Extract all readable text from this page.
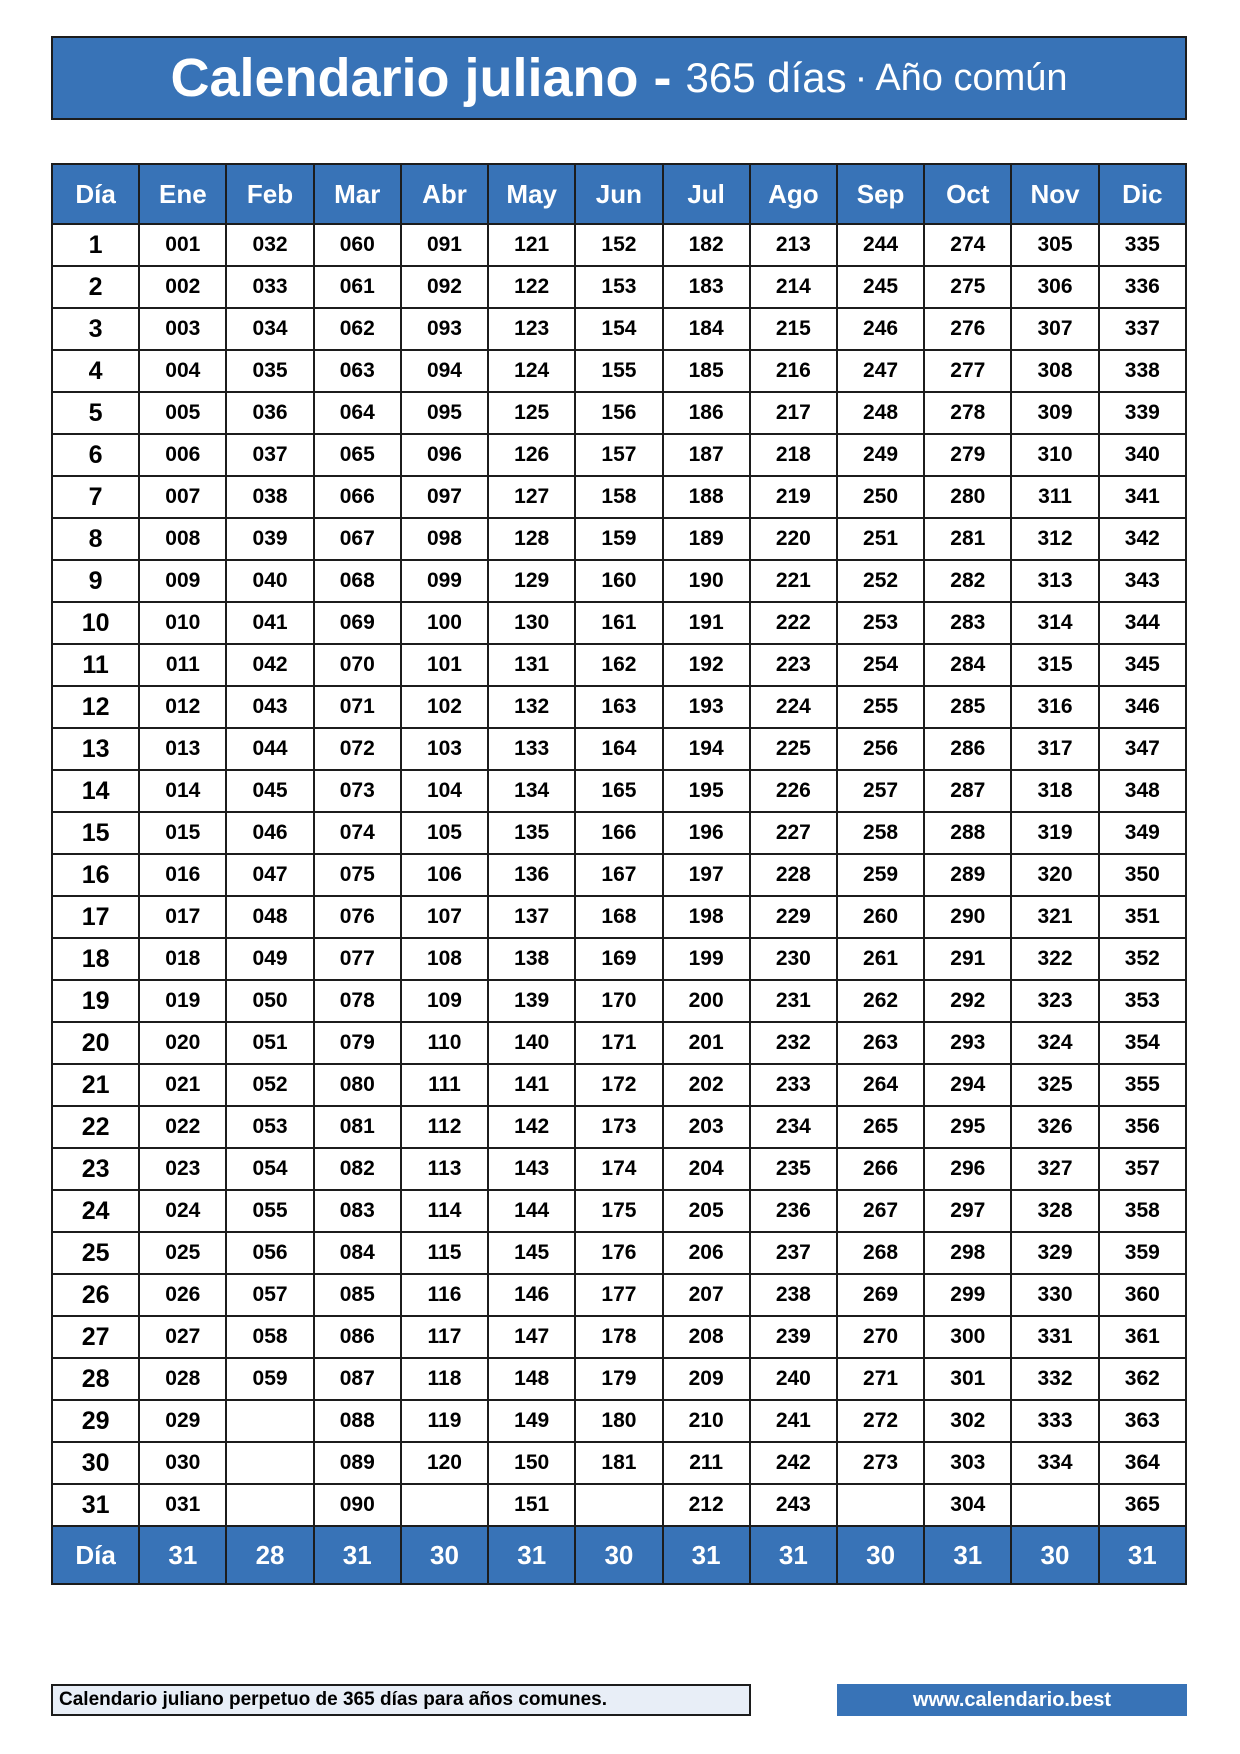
Calendario juliano - 365 días · Año común
Día	Ene	Feb	Mar	Abr	May	Jun	Jul	Ago	Sep	Oct	Nov	Dic
1	001	032	060	091	121	152	182	213	244	274	305	335
2	002	033	061	092	122	153	183	214	245	275	306	336
3	003	034	062	093	123	154	184	215	246	276	307	337
4	004	035	063	094	124	155	185	216	247	277	308	338
5	005	036	064	095	125	156	186	217	248	278	309	339
6	006	037	065	096	126	157	187	218	249	279	310	340
7	007	038	066	097	127	158	188	219	250	280	311	341
8	008	039	067	098	128	159	189	220	251	281	312	342
9	009	040	068	099	129	160	190	221	252	282	313	343
10	010	041	069	100	130	161	191	222	253	283	314	344
11	011	042	070	101	131	162	192	223	254	284	315	345
12	012	043	071	102	132	163	193	224	255	285	316	346
13	013	044	072	103	133	164	194	225	256	286	317	347
14	014	045	073	104	134	165	195	226	257	287	318	348
15	015	046	074	105	135	166	196	227	258	288	319	349
16	016	047	075	106	136	167	197	228	259	289	320	350
17	017	048	076	107	137	168	198	229	260	290	321	351
18	018	049	077	108	138	169	199	230	261	291	322	352
19	019	050	078	109	139	170	200	231	262	292	323	353
20	020	051	079	110	140	171	201	232	263	293	324	354
21	021	052	080	111	141	172	202	233	264	294	325	355
22	022	053	081	112	142	173	203	234	265	295	326	356
23	023	054	082	113	143	174	204	235	266	296	327	357
24	024	055	083	114	144	175	205	236	267	297	328	358
25	025	056	084	115	145	176	206	237	268	298	329	359
26	026	057	085	116	146	177	207	238	269	299	330	360
27	027	058	086	117	147	178	208	239	270	300	331	361
28	028	059	087	118	148	179	209	240	271	301	332	362
29	029		088	119	149	180	210	241	272	302	333	363
30	030		089	120	150	181	211	242	273	303	334	364
31	031		090		151		212	243		304		365
Día	31	28	31	30	31	30	31	31	30	31	30	31
Calendario juliano perpetuo de 365 días para años comunes.	www.calendario.best
